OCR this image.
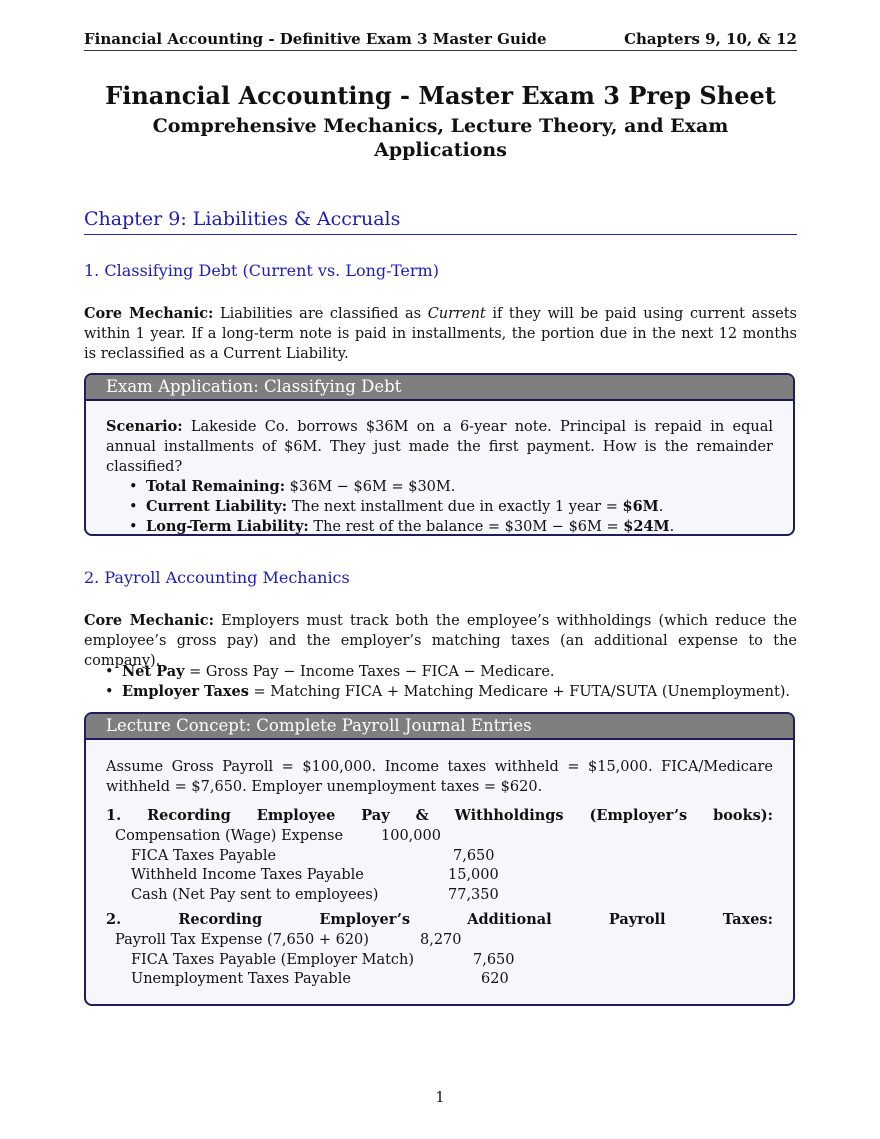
Financial Accounting - Definitive Exam 3 Master Guide	Chapters 9, 10, & 12
Financial Accounting - Master Exam 3 Prep Sheet
Comprehensive Mechanics, Lecture Theory, and Exam Applications
Chapter 9: Liabilities & Accruals
1. Classifying Debt (Current vs. Long-Term)
Core Mechanic: Liabilities are classified as Current if they will be paid using current assets within 1 year. If a long-term note is paid in installments, the portion due in the next 12 months is reclassified as a Current Liability.
Exam Application: Classifying Debt

Scenario: Lakeside Co. borrows $36M on a 6-year note. Principal is repaid in equal annual installments of $6M. They just made the first payment. How is the remainder classified?

• Total Remaining: $36M − $6M = $30M.
• Current Liability: The next installment due in exactly 1 year = $6M.
• Long-Term Liability: The rest of the balance = $30M − $6M = $24M.
2. Payroll Accounting Mechanics
Core Mechanic: Employers must track both the employee’s withholdings (which reduce the employee’s gross pay) and the employer’s matching taxes (an additional expense to the company).
• Net Pay = Gross Pay − Income Taxes − FICA − Medicare.
• Employer Taxes = Matching FICA + Matching Medicare + FUTA/SUTA (Unemployment).
Lecture Concept: Complete Payroll Journal Entries

Assume Gross Payroll = $100,000. Income taxes withheld = $15,000. FICA/Medicare withheld = $7,650. Employer unemployment taxes = $620.

1. Recording Employee Pay & Withholdings (Employer’s books):
Compensation (Wage) Expense	100,000
FICA Taxes Payable	7,650
Withheld Income Taxes Payable	15,000
Cash (Net Pay sent to employees)	77,350
2.	Recording	Employer’s	Additional	Payroll	Taxes:
Payroll Tax Expense (7,650 + 620)	8,270
FICA Taxes Payable (Employer Match)	7,650
Unemployment Taxes Payable	620
1
